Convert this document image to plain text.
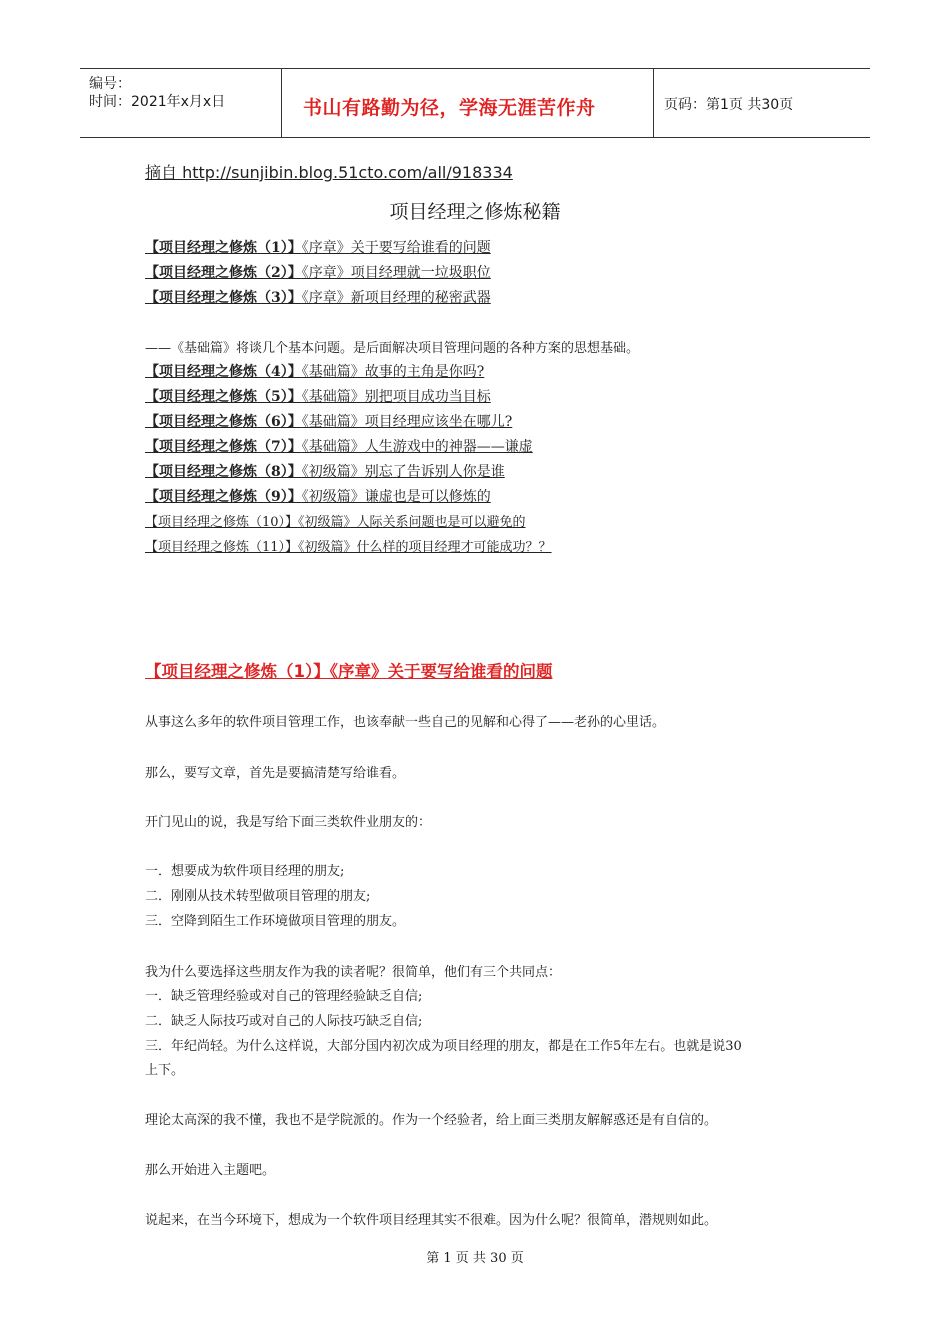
编号：
时间：2021年x月x日	书山有路勤为径，学海无涯苦作舟	页码：第1页 共30页
摘自 http://sunjibin.blog.51cto.com/all/918334
项目经理之修炼秘籍
【项目经理之修炼（1）】《序章》关于要写给谁看的问题
【项目经理之修炼（2）】《序章》项目经理就一垃圾职位
【项目经理之修炼（3）】《序章》新项目经理的秘密武器
——《基础篇》将谈几个基本问题。是后面解决项目管理问题的各种方案的思想基础。
【项目经理之修炼（4）】《基础篇》故事的主角是你吗?
【项目经理之修炼（5）】《基础篇》别把项目成功当目标
【项目经理之修炼（6）】《基础篇》项目经理应该坐在哪儿?
【项目经理之修炼（7）】《基础篇》人生游戏中的神器——谦虚
【项目经理之修炼（8）】《初级篇》别忘了告诉别人你是谁
【项目经理之修炼（9）】《初级篇》谦虚也是可以修炼的
【项目经理之修炼（10）】《初级篇》人际关系问题也是可以避免的
【项目经理之修炼（11）】《初级篇》什么样的项目经理才可能成功？？
【项目经理之修炼（1）】《序章》关于要写给谁看的问题
从事这么多年的软件项目管理工作，也该奉献一些自己的见解和心得了——老孙的心里话。
那么，要写文章，首先是要搞清楚写给谁看。
开门见山的说，我是写给下面三类软件业朋友的：
一．想要成为软件项目经理的朋友;
二．刚刚从技术转型做项目管理的朋友;
三．空降到陌生工作环境做项目管理的朋友。
我为什么要选择这些朋友作为我的读者呢？很简单，他们有三个共同点：
一．缺乏管理经验或对自己的管理经验缺乏自信;
二．缺乏人际技巧或对自己的人际技巧缺乏自信;
三．年纪尚轻。为什么这样说，大部分国内初次成为项目经理的朋友，都是在工作5年左右。也就是说30
上下。
理论太高深的我不懂，我也不是学院派的。作为一个经验者，给上面三类朋友解解惑还是有自信的。
那么开始进入主题吧。
说起来，在当今环境下，想成为一个软件项目经理其实不很难。因为什么呢？很简单，潜规则如此。
第 1 页 共 30 页
